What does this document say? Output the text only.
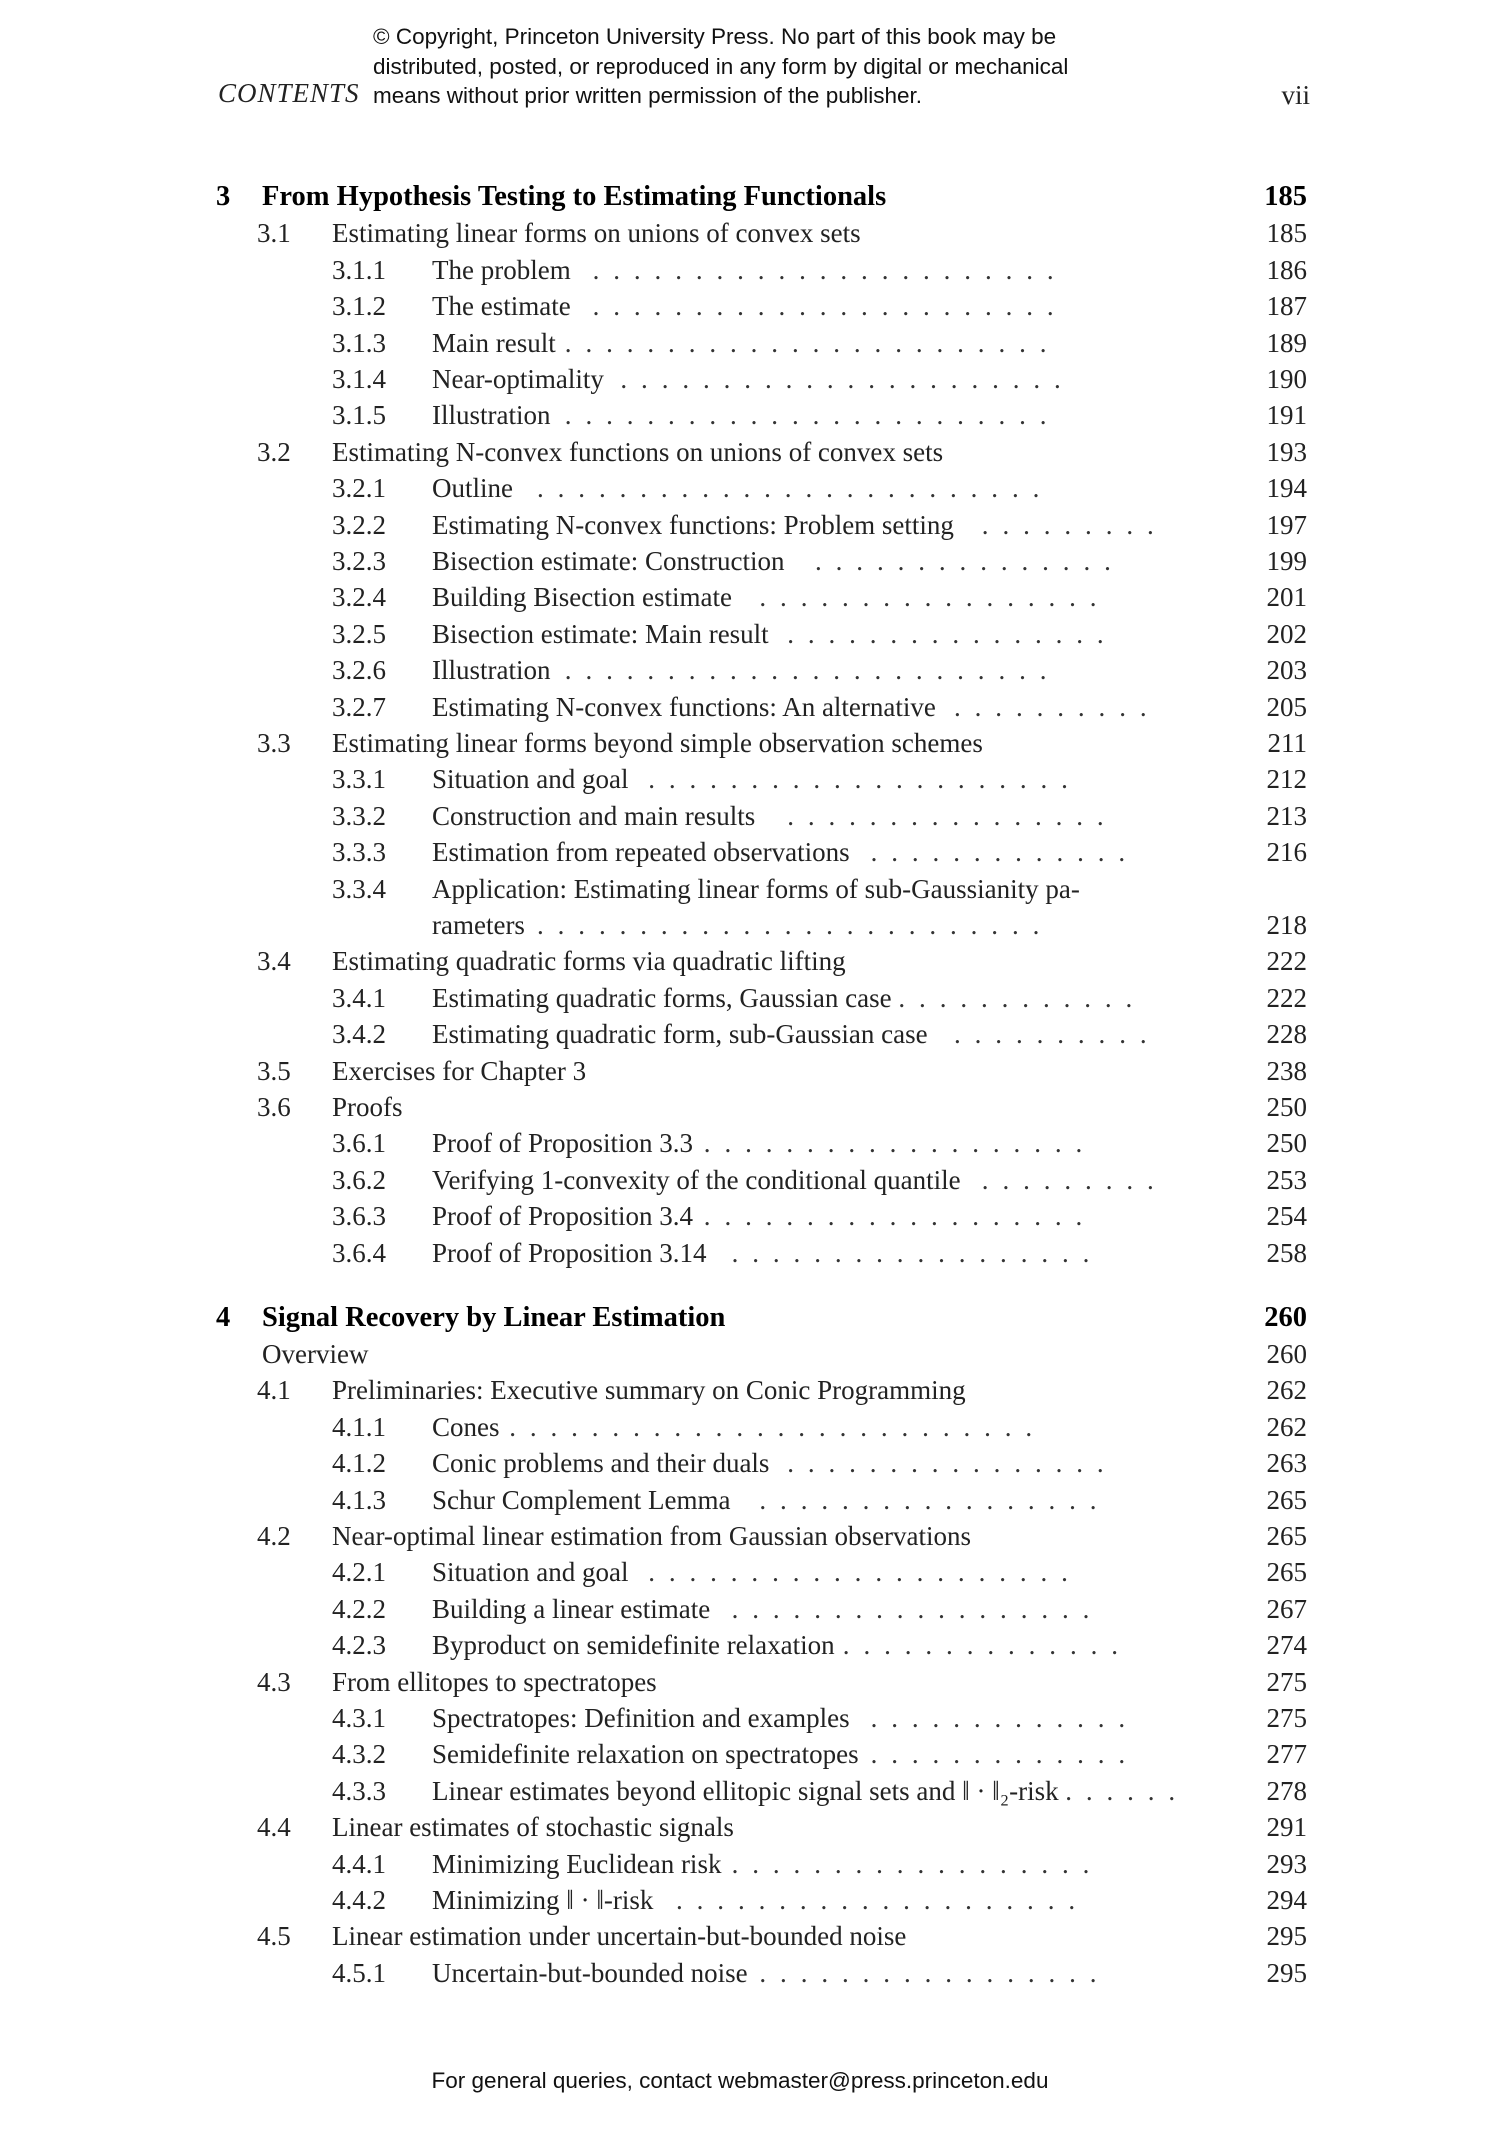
© Copyright, Princeton University Press. No part of this book may be
distributed, posted, or reproduced in any form by digital or mechanical
means without prior written permission of the publisher.
CONTENTS	vii
3 From Hypothesis Testing to Estimating Functionals	185
3.1 Estimating linear forms on unions of convex sets	185
3.1.1 The problem .......................	186
3.1.2 The estimate .......................	187
3.1.3 Main result ........................	189
3.1.4 Near-optimality ......................	190
3.1.5 Illustration ........................	191
3.2 Estimating N-convex functions on unions of convex sets	193
3.2.1 Outline .........................	194
3.2.2 Estimating N-convex functions: Problem setting .........	197
3.2.3 Bisection estimate: Construction ...............	199
3.2.4 Building Bisection estimate .................	201
3.2.5 Bisection estimate: Main result ................	202
3.2.6 Illustration ........................	203
3.2.7 Estimating N-convex functions: An alternative ..........	205
3.3 Estimating linear forms beyond simple observation schemes	211
3.3.1 Situation and goal .....................	212
3.3.2 Construction and main results ................	213
3.3.3 Estimation from repeated observations .............	216
3.3.4 Application: Estimating linear forms of sub-Gaussianity pa-
rameters .........................	218
3.4 Estimating quadratic forms via quadratic lifting	222
3.4.1 Estimating quadratic forms, Gaussian case ............	222
3.4.2 Estimating quadratic form, sub-Gaussian case ..........	228
3.5 Exercises for Chapter 3	238
3.6 Proofs	250
3.6.1 Proof of Proposition 3.3 ...................	250
3.6.2 Verifying 1-convexity of the conditional quantile .........	253
3.6.3 Proof of Proposition 3.4 ...................	254
3.6.4 Proof of Proposition 3.14 ..................	258
4 Signal Recovery by Linear Estimation	260
Overview	260
4.1 Preliminaries: Executive summary on Conic Programming	262
4.1.1 Cones ..........................	262
4.1.2 Conic problems and their duals ................	263
4.1.3 Schur Complement Lemma .................	265
4.2 Near-optimal linear estimation from Gaussian observations	265
4.2.1 Situation and goal .....................	265
4.2.2 Building a linear estimate ..................	267
4.2.3 Byproduct on semidefinite relaxation ..............	274
4.3 From ellitopes to spectratopes	275
4.3.1 Spectratopes: Definition and examples .............	275
4.3.2 Semidefinite relaxation on spectratopes .............	277
4.3.3 Linear estimates beyond ellitopic signal sets and ‖ · ‖₂-risk ......	278
4.4 Linear estimates of stochastic signals	291
4.4.1 Minimizing Euclidean risk ..................	293
4.4.2 Minimizing ‖ · ‖-risk ....................	294
4.5 Linear estimation under uncertain-but-bounded noise	295
4.5.1 Uncertain-but-bounded noise .................	295
For general queries, contact webmaster@press.princeton.edu
